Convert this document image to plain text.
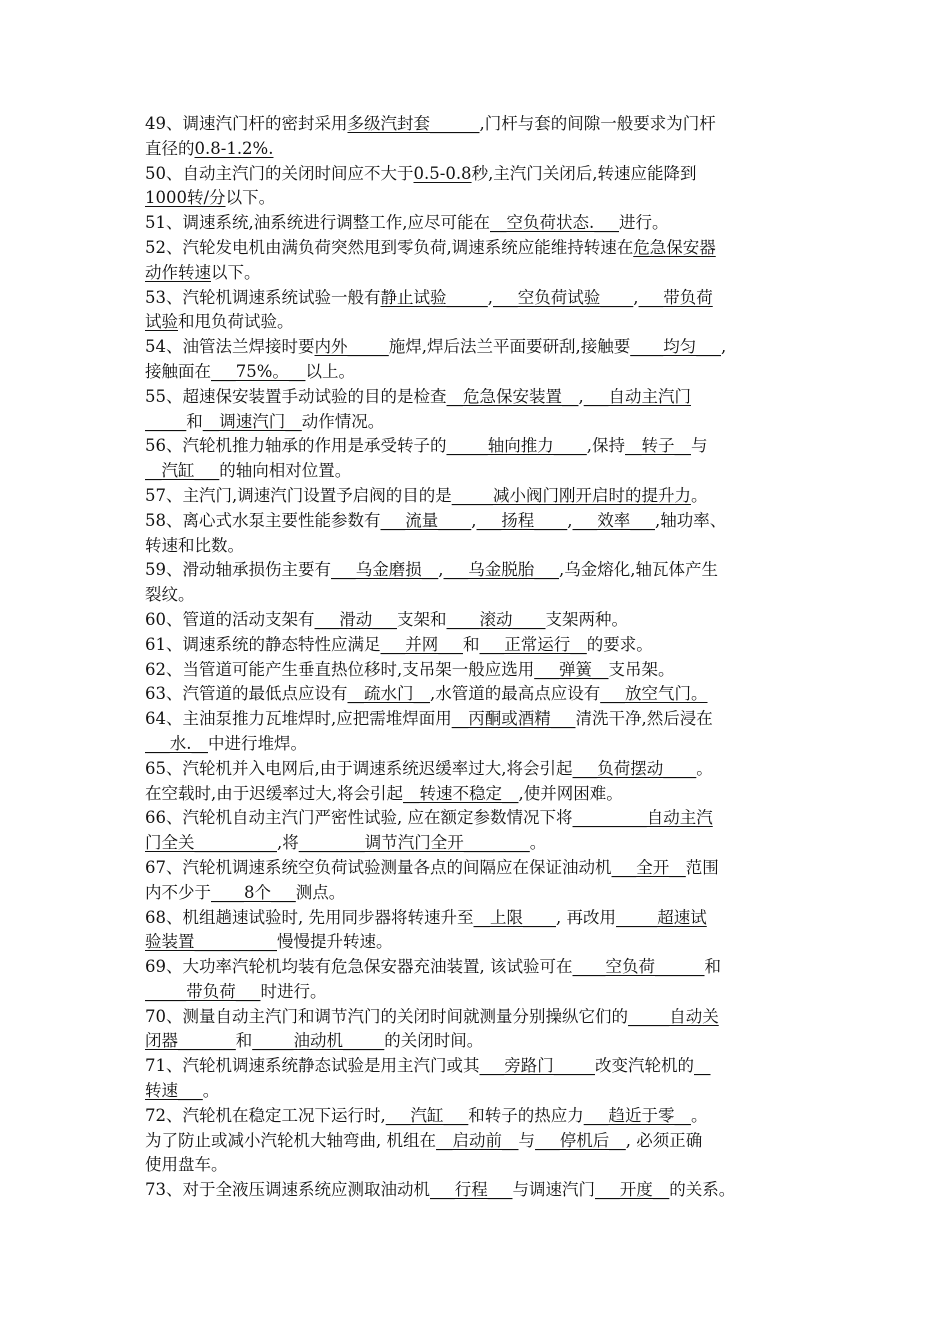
49、调速汽门杆的密封采用多级汽封套______,门杆与套的间隙一般要求为门杆
直径的0.8-1.2%.
50、自动主汽门的关闭时间应不大于0.5-0.8秒,主汽门关闭后,转速应能降到
1000转/分以下。
51、调速系统,油系统进行调整工作,应尽可能在__空负荷状态.___进行。
52、汽轮发电机由满负荷突然甩到零负荷,调速系统应能维持转速在危急保安器
动作转速以下。
53、汽轮机调速系统试验一般有静止试验_____,___空负荷试验____,___带负荷
试验和甩负荷试验。
54、油管法兰焊接时要内外_____施焊,焊后法兰平面要研刮,接触要____均匀___,
接触面在___75%。__以上。
55、超速保安装置手动试验的目的是检查__危急保安装置__,___自动主汽门
_____和__调速汽门__动作情况。
56、汽轮机推力轴承的作用是承受转子的_____轴向推力____,保持__转子__与
__汽缸___的轴向相对位置。
57、主汽门,调速汽门设置予启阀的目的是_____减小阀门刚开启时的提升力。
58、离心式水泵主要性能参数有___流量____,___扬程____,___效率___,轴功率、
转速和比数。
59、滑动轴承损伤主要有___乌金磨损__,___乌金脱胎___,乌金熔化,轴瓦体产生
裂纹。
60、管道的活动支架有___滑动___支架和____滚动____支架两种。
61、调速系统的静态特性应满足___并网___和___正常运行__的要求。
62、当管道可能产生垂直热位移时,支吊架一般应选用___弹簧__支吊架。
63、汽管道的最低点应设有__疏水门__,水管道的最高点应设有___放空气门。
64、主油泵推力瓦堆焊时,应把需堆焊面用__丙酮或酒精___清洗干净,然后浸在
___水.__中进行堆焊。
65、汽轮机并入电网后,由于调速系统迟缓率过大,将会引起___负荷摆动____。
在空载时,由于迟缓率过大,将会引起__转速不稳定__,使并网困难。
66、汽轮机自动主汽门严密性试验, 应在额定参数情况下将_________自动主汽
门全关__________,将________调节汽门全开________。
67、汽轮机调速系统空负荷试验测量各点的间隔应在保证油动机___全开__范围
内不少于____8个___测点。
68、机组趟速试验时, 先用同步器将转速升至__上限____, 再改用_____超速试
验装置__________慢慢提升转速。
69、大功率汽轮机均装有危急保安器充油装置, 该试验可在____空负荷______和
_____带负荷___时进行。
70、测量自动主汽门和调节汽门的关闭时间就测量分别操纵它们的_____自动关
闭器_______和_____油动机_____的关闭时间。
71、汽轮机调速系统静态试验是用主汽门或其___旁路门_____改变汽轮机的__
转速___。
72、汽轮机在稳定工况下运行时,___汽缸___和转子的热应力___趋近于零__。
为了防止或减小汽轮机大轴弯曲, 机组在__启动前__与___停机后__, 必须正确
使用盘车。
73、对于全液压调速系统应测取油动机___行程___与调速汽门___开度__的关系。
